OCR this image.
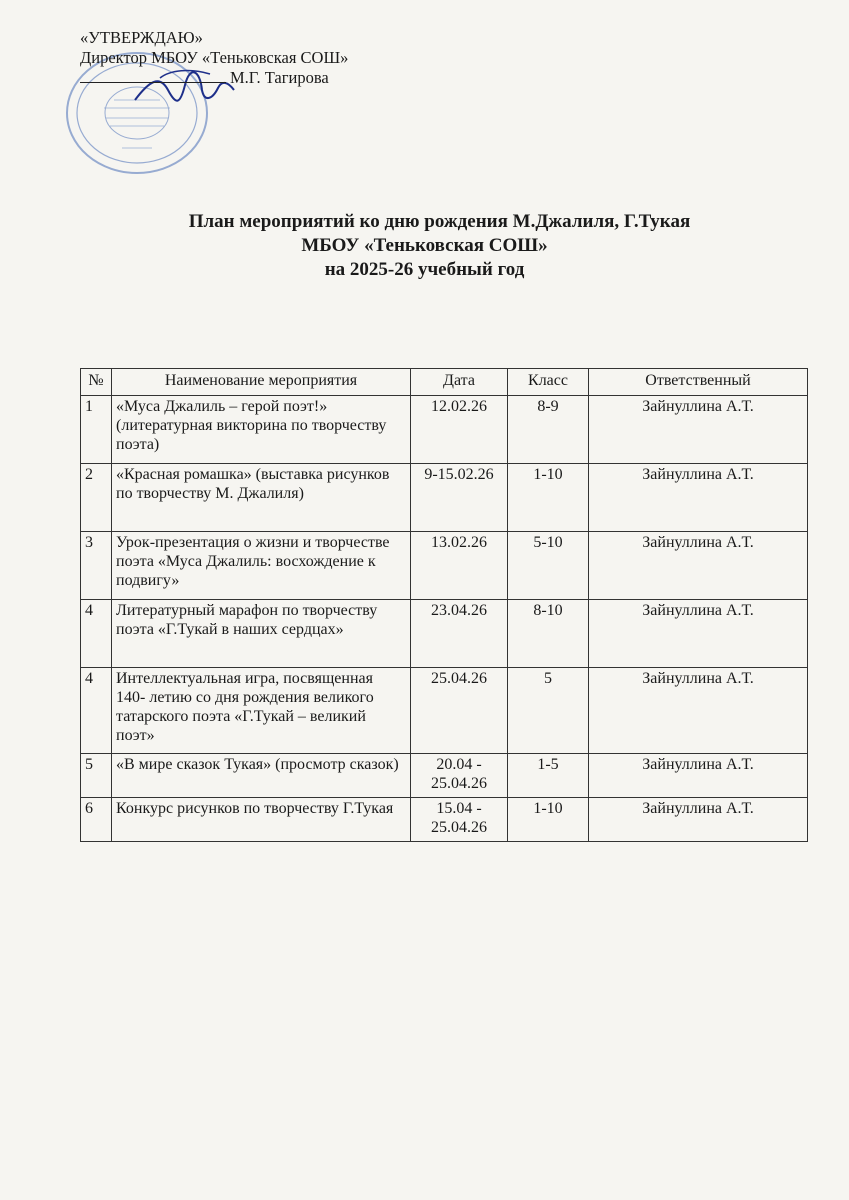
«УТВЕРЖДАЮ»
Директор МБОУ «Теньковская СОШ»
М.Г. Тагирова
План мероприятий ко дню рождения М.Джалиля, Г.Тукая
МБОУ «Теньковская СОШ»
на 2025-26 учебный год
№	Наименование мероприятия	Дата	Класс	Ответственный
1	«Муса Джалиль – герой поэт!» (литературная викторина по творчеству поэта)	12.02.26	8-9	Зайнуллина А.Т.
2	«Красная ромашка» (выставка рисунков по творчеству М. Джалиля)	9-15.02.26	1-10	Зайнуллина А.Т.
3	Урок-презентация о жизни и творчестве поэта «Муса Джалиль: восхождение к подвигу»	13.02.26	5-10	Зайнуллина А.Т.
4	Литературный марафон по творчеству поэта «Г.Тукай в наших сердцах»	23.04.26	8-10	Зайнуллина А.Т.
4	Интеллектуальная игра, посвященная 140- летию со дня рождения великого татарского поэта «Г.Тукай – великий поэт»	25.04.26	5	Зайнуллина А.Т.
5	«В мире сказок Тукая» (просмотр сказок)	20.04 - 25.04.26	1-5	Зайнуллина А.Т.
6	Конкурс рисунков по творчеству Г.Тукая	15.04 - 25.04.26	1-10	Зайнуллина А.Т.
